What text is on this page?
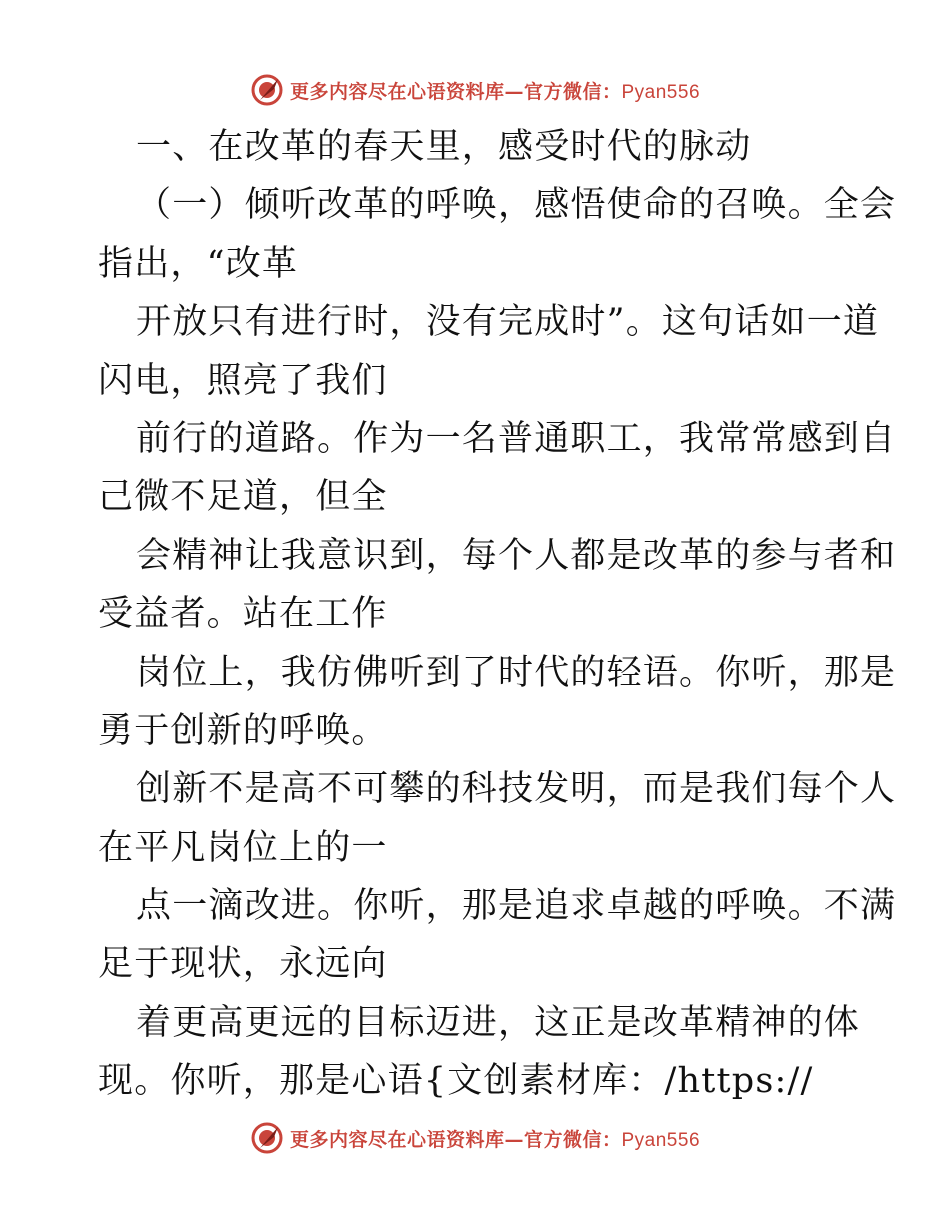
更多内容尽在心语资料库—官方微信：Pyan556
一、在改革的春天里，感受时代的脉动
（一）倾听改革的呼唤，感悟使命的召唤。全会
指出，“改革
开放只有进行时，没有完成时”。这句话如一道
闪电，照亮了我们
前行的道路。作为一名普通职工，我常常感到自
己微不足道，但全
会精神让我意识到，每个人都是改革的参与者和
受益者。站在工作
岗位上，我仿佛听到了时代的轻语。你听，那是
勇于创新的呼唤。
创新不是高不可攀的科技发明，而是我们每个人
在平凡岗位上的一
点一滴改进。你听，那是追求卓越的呼唤。不满
足于现状，永远向
着更高更远的目标迈进，这正是改革精神的体
现。你听，那是心语{文创素材库：/https://
更多内容尽在心语资料库—官方微信：Pyan556
